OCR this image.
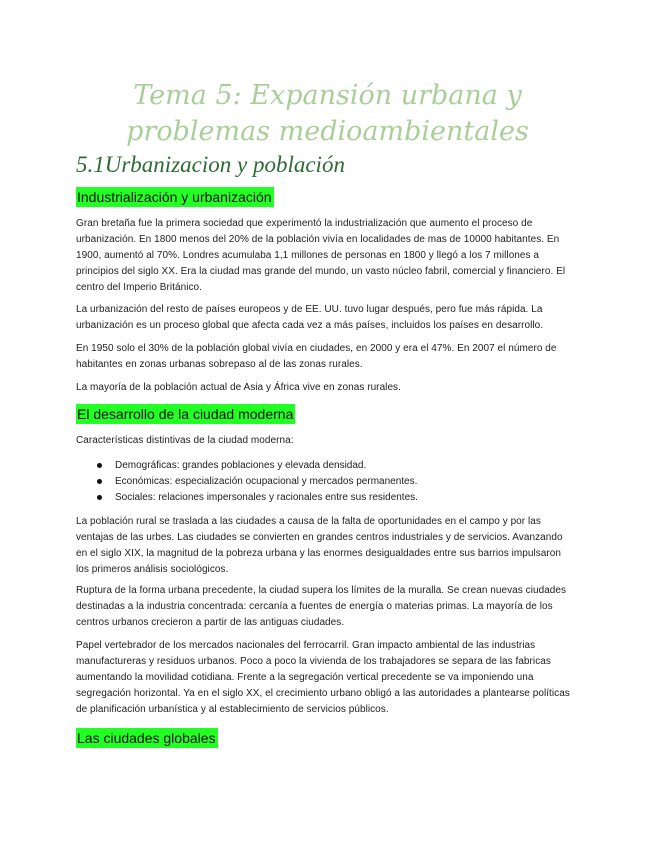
Tema 5: Expansión urbana y problemas medioambientales
5.1Urbanizacion y población
Industrialización y urbanización

Gran bretaña fue la primera sociedad que experimentó la industrialización que aumento el proceso de urbanización. En 1800 menos del 20% de la población vivía en localidades de mas de 10000 habitantes. En 1900, aumentó al 70%. Londres acumulaba 1,1 millones de personas en 1800 y llegó a los 7 millones a principios del siglo XX. Era la ciudad mas grande del mundo, un vasto núcleo fabril, comercial y financiero. El centro del Imperio Británico.

La urbanización del resto de países europeos y de EE. UU. tuvo lugar después, pero fue más rápida. La urbanización es un proceso global que afecta cada vez a más países, incluidos los países en desarrollo.

En 1950 solo el 30% de la población global vivía en ciudades, en 2000 y era el 47%. En 2007 el número de habitantes en zonas urbanas sobrepaso al de las zonas rurales.

La mayoría de la población actual de Asia y África vive en zonas rurales.

El desarrollo de la ciudad moderna

Características distintivas de la ciudad moderna:

Demográficas: grandes poblaciones y elevada densidad.
Económicas: especialización ocupacional y mercados permanentes.
Sociales: relaciones impersonales y racionales entre sus residentes.

La población rural se traslada a las ciudades a causa de la falta de oportunidades en el campo y por las ventajas de las urbes. Las ciudades se convierten en grandes centros industriales y de servicios. Avanzando en el siglo XIX, la magnitud de la pobreza urbana y las enormes desigualdades entre sus barrios impulsaron los primeros análisis sociológicos.

Ruptura de la forma urbana precedente, la ciudad supera los límites de la muralla. Se crean nuevas ciudades destinadas a la industria concentrada: cercanía a fuentes de energía o materias primas. La mayoría de los centros urbanos crecieron a partir de las antiguas ciudades.

Papel vertebrador de los mercados nacionales del ferrocarril. Gran impacto ambiental de las industrias manufactureras y residuos urbanos. Poco a poco la vivienda de los trabajadores se separa de las fabricas aumentando la movilidad cotidiana. Frente a la segregación vertical precedente se va imponiendo una segregación horizontal. Ya en el siglo XX, el crecimiento urbano obligó a las autoridades a plantearse políticas de planificación urbanística y al establecimiento de servicios públicos.

Las ciudades globales
